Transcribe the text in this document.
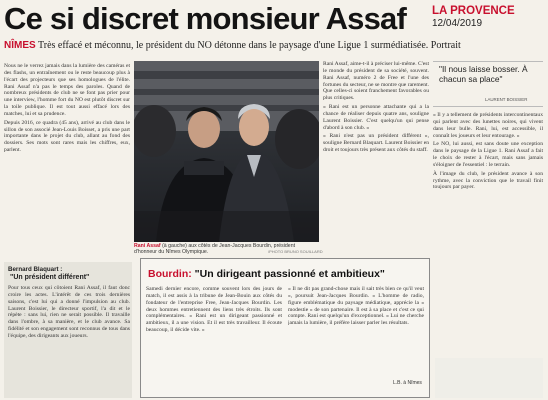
Ce si discret monsieur Assaf	LA PROVENCE
12/04/2019
NÎMES Très effacé et méconnu, le président du NO détonne dans le paysage d'une Ligue 1 surmédiatisée. Portrait

Nous ne le verrez jamais dans la lumière des caméras et des flashs, un entraînement ou le reste beaucoup plus à l'écart des projecteurs que ses homologues de l'élite. Rani Assaf n'a pas le temps des paroles. Quand de nombreux présidents de club ne se font pas prier pour une interview, l'homme fort du NO est plutôt discret sur la toile publique. Il est tout aussi effacé lors des matches, lui et sa prudence.

Depuis 2016, ce quadra (45 ans), arrivé au club dans le sillon de son associé Jean-Louis Boisset, a pris une part importante dans le projet du club, allant au fond des dossiers. Ses mots sont rares mais les chiffres, eux, parlent.

Rani Assaf (à gauche) aux côtés de Jean-Jacques Bourdin, président d'honneur du Nîmes Olympique.	/PHOTO BRUNO SOUILLARD

Rani Assaf, aime-t-il à préciser lui-même. C'est le monde du président de sa société, souvent. Rani Assaf, numéro 2 de Free et l'une des fortunes du secteur, ne se montre que rarement. Que celles-ci soient franchement favorables ou plus critiques.

« Rani est un personne attachante qui a la chance de réaliser depuis quatre ans, souligne Laurent Boissier. C'est quelqu'un qui pense d'abord à son club. »

« Rani n'est pas un président différent », souligne Bernard Blaquart. Laurent Boissier en droit et toujours très présent aux côtés du staff.

"Il nous laisse bosser. À chacun sa place"
LAURENT BOISSIER

« Il y a tellement de présidents intercontinentaux qui parlent avec des lunettes noires, qui vivent dans leur bulle. Rani, lui, est accessible, il connaît les joueurs et leur entourage. »

Le NO, lui aussi, est sans doute une exception dans le paysage de la Ligue 1. Rani Assaf a fait le choix de rester à l'écart, mais sans jamais s'éloigner de l'essentiel : le terrain.

À l'image du club, le président avance à son rythme, avec la conviction que le travail finit toujours par payer.

Bernard Blaquart :
"Un président différent"
Pour tous ceux qui côtoient Rani Assaf, il faut donc croire les actes. L'intérêt de ces trois dernières saisons, c'est lui qui a donné l'impulsion au club. Laurent Boissier, le directeur sportif, l'a dit et le répète : sans lui, rien ne serait possible. Il travaille dans l'ombre, à sa manière, et le club avance. Sa fidélité et son engagement sont reconnus de tous dans l'équipe, des dirigeants aux joueurs.
Bourdin: "Un dirigeant passionné et ambitieux"
Samedi dernier encore, comme souvent lors des jours de match, il est assis à la tribune de Jean-Bouin aux côtés du fondateur de l'entreprise Free, Jean-Jacques Bourdin. Les deux hommes entretiennent des liens très étroits. Ils sont complémentaires. « Rani est un dirigeant passionné et ambitieux, il a une vision. Et il est très travailleur. Il écoute beaucoup, il décide vite. »
« Il ne dit pas grand-chose mais il sait très bien ce qu'il veut », poursuit Jean-Jacques Bourdin. « L'homme de radio, figure emblématique du paysage médiatique, apprécie la « modestie » de son partenaire. Il est à sa place et c'est ce qui compte. Rani est quelqu'un d'exceptionnel. » Lui ne cherche jamais la lumière, il préfère laisser parler les résultats.
L.B. à Nîmes
